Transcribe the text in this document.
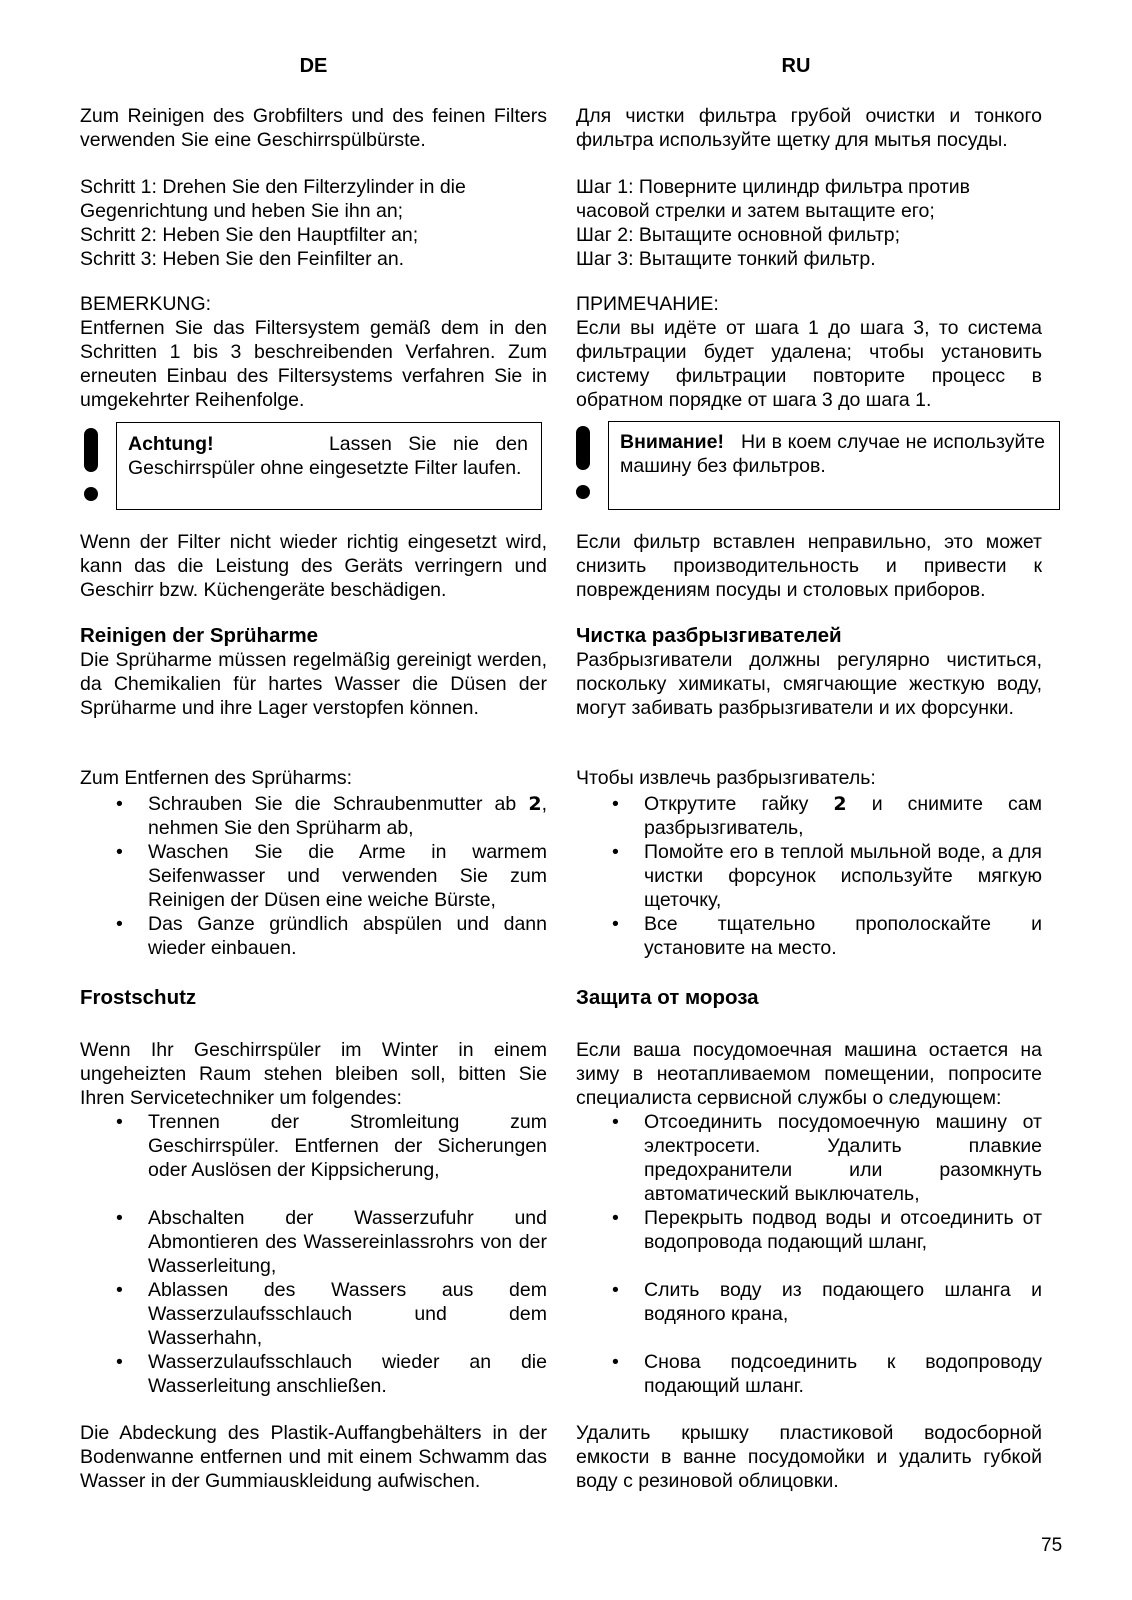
DE
Zum Reinigen des Grobfilters und des feinen Filters verwenden Sie eine Geschirrspülbürste.
Schritt 1: Drehen Sie den Filterzylinder in die Gegenrichtung und heben Sie ihn an;
Schritt 2: Heben Sie den Hauptfilter an;
Schritt 3: Heben Sie den Feinfilter an.
BEMERKUNG:
Entfernen Sie das Filtersystem gemäß dem in den Schritten 1 bis 3 beschreibenden Verfahren. Zum erneuten Einbau des Filtersystems verfahren Sie in umgekehrter Reihenfolge.
Achtung!	Lassen Sie nie den Geschirrspüler ohne eingesetzte Filter laufen.
Wenn der Filter nicht wieder richtig eingesetzt wird, kann das die Leistung des Geräts verringern und Geschirr bzw. Küchengeräte beschädigen.
Reinigen der Sprüharme
Die Sprüharme müssen regelmäßig gereinigt werden, da Chemikalien für hartes Wasser die Düsen der Sprüharme und ihre Lager verstopfen können.
Zum Entfernen des Sprüharms:
• Schrauben Sie die Schraubenmutter ab 2, nehmen Sie den Sprüharm ab,
• Waschen Sie die Arme in warmem Seifenwasser und verwenden Sie zum Reinigen der Düsen eine weiche Bürste,
• Das Ganze gründlich abspülen und dann wieder einbauen.
Frostschutz
Wenn Ihr Geschirrspüler im Winter in einem ungeheizten Raum stehen bleiben soll, bitten Sie Ihren Servicetechniker um folgendes:
• Trennen der Stromleitung zum Geschirrspüler. Entfernen der Sicherungen oder Auslösen der Kippsicherung,
• Abschalten der Wasserzufuhr und Abmontieren des Wassereinlassrohrs von der Wasserleitung,
• Ablassen des Wassers aus dem Wasserzulaufsschlauch und dem Wasserhahn,
• Wasserzulaufsschlauch wieder an die Wasserleitung anschließen.
Die Abdeckung des Plastik-Auffangbehälters in der Bodenwanne entfernen und mit einem Schwamm das Wasser in der Gummiauskleidung aufwischen.
RU
Для чистки фильтра грубой очистки и тонкого фильтра используйте щетку для мытья посуды.
Шаг 1: Поверните цилиндр фильтра против часовой стрелки и затем вытащите его;
Шаг 2: Вытащите основной фильтр;
Шаг 3: Вытащите тонкий фильтр.
ПРИМЕЧАНИЕ:
Если вы идёте от шага 1 до шага 3, то система фильтрации будет удалена; чтобы установить систему фильтрации повторите процесс в обратном порядке от шага 3 до шага 1.
Внимание! Ни в коем случае не используйте машину без фильтров.
Если фильтр вставлен неправильно, это может снизить производительность и привести к повреждениям посуды и столовых приборов.
Чистка разбрызгивателей
Разбрызгиватели должны регулярно чиститься, поскольку химикаты, смягчающие жесткую воду, могут забивать разбрызгиватели и их форсунки.
Чтобы извлечь разбрызгиватель:
• Открутите гайку 2 и снимите сам разбрызгиватель,
• Помойте его в теплой мыльной воде, а для чистки форсунок используйте мягкую щеточку,
• Все тщательно прополоскайте и установите на место.
Защита от мороза
Если ваша посудомоечная машина остается на зиму в неотапливаемом помещении, попросите специалиста сервисной службы о следующем:
• Отсоединить посудомоечную машину от электросети. Удалить плавкие предохранители или разомкнуть автоматический выключатель,
• Перекрыть подвод воды и отсоединить от водопровода подающий шланг,
• Слить воду из подающего шланга и водяного крана,
• Снова подсоединить к водопроводу подающий шланг.
Удалить крышку пластиковой водосборной емкости в ванне посудомойки и удалить губкой воду с резиновой облицовки.
75
